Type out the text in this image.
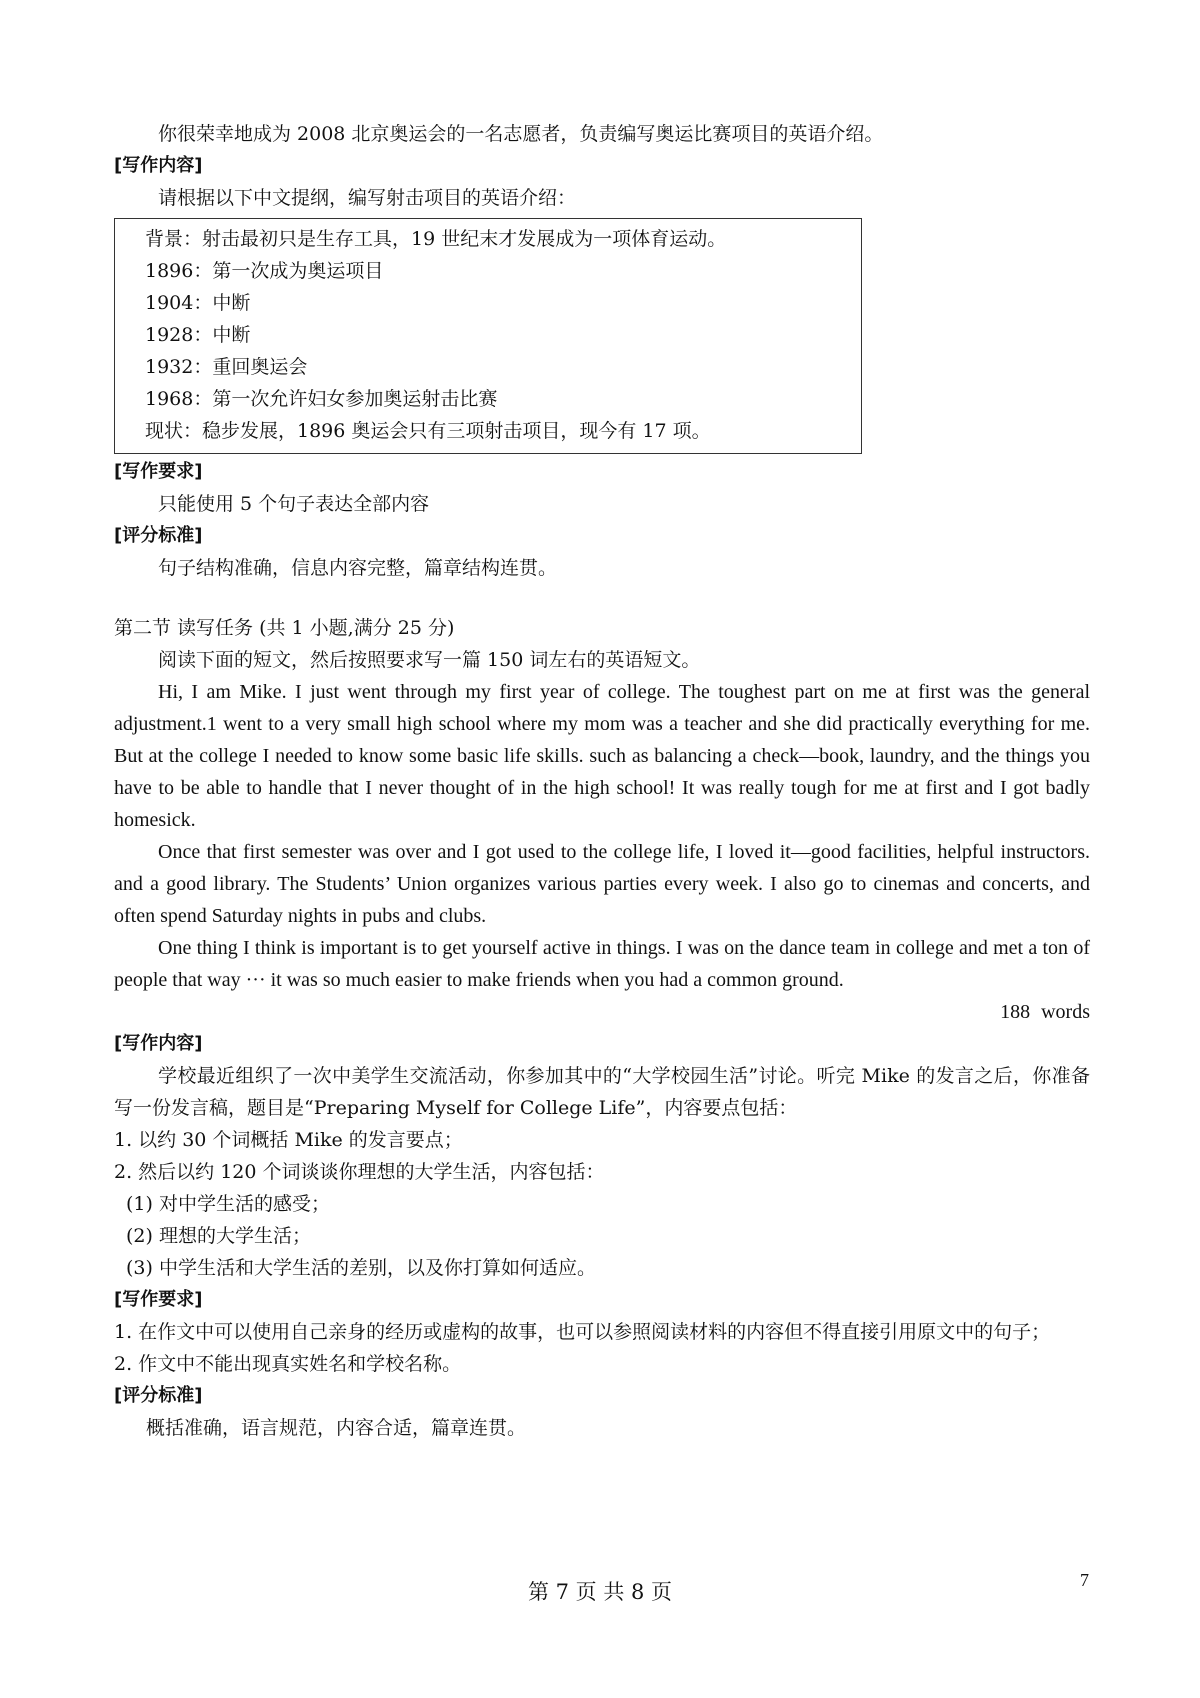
你很荣幸地成为 2008 北京奥运会的一名志愿者，负责编写奥运比赛项目的英语介绍。
[写作内容]
请根据以下中文提纲，编写射击项目的英语介绍：
背景：射击最初只是生存工具，19 世纪末才发展成为一项体育运动。
1896：第一次成为奥运项目
1904：中断
1928：中断
1932：重回奥运会
1968：第一次允许妇女参加奥运射击比赛
现状：稳步发展，1896 奥运会只有三项射击项目，现今有 17 项。
[写作要求]
只能使用 5 个句子表达全部内容
[评分标准]
句子结构准确，信息内容完整，篇章结构连贯。
第二节 读写任务 (共 1 小题,满分 25 分)
阅读下面的短文，然后按照要求写一篇 150 词左右的英语短文。

Hi, I am Mike. I just went through my first year of college. The toughest part on me at first was the general adjustment.1 went to a very small high school where my mom was a teacher and she did practically everything for me. But at the college I needed to know some basic life skills. such as balancing a check—book, laundry, and the things you have to be able to handle that I never thought of in the high school! It was really tough for me at first and I got badly homesick.

Once that first semester was over and I got used to the college life, I loved it—good facilities, helpful instructors. and a good library. The Students’ Union organizes various parties every week. I also go to cinemas and concerts, and often spend Saturday nights in pubs and clubs.

One thing I think is important is to get yourself active in things. I was on the dance team in college and met a ton of people that way ··· it was so much easier to make friends when you had a common ground.

188 words
[写作内容]
学校最近组织了一次中美学生交流活动，你参加其中的“大学校园生活”讨论。听完 Mike 的发言之后，你准备写一份发言稿，题目是“Preparing Myself for College Life”，内容要点包括：
1. 以约 30 个词概括 Mike 的发言要点；
2. 然后以约 120 个词谈谈你理想的大学生活，内容包括：
(1) 对中学生活的感受；
(2) 理想的大学生活；
(3) 中学生活和大学生活的差别，以及你打算如何适应。
[写作要求]
1. 在作文中可以使用自己亲身的经历或虚构的故事，也可以参照阅读材料的内容但不得直接引用原文中的句子；
2. 作文中不能出现真实姓名和学校名称。
[评分标准]
概括准确，语言规范，内容合适，篇章连贯。
第 7 页 共 8 页	7
